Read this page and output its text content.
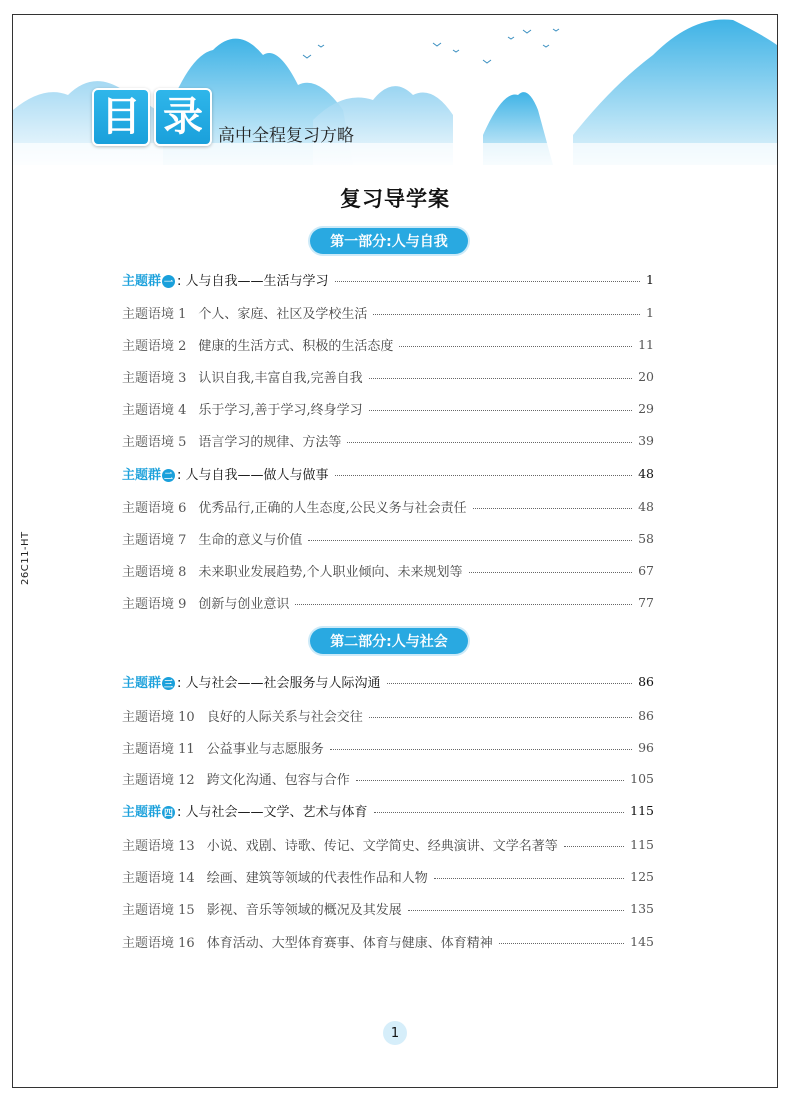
26C11-HT
目 录 高中全程复习方略
复习导学案
第一部分:人与自我
第二部分:人与社会
主题群 一 : 人与自我——生活与学习	1
主题语境 1 个人、家庭、社区及学校生活	1
主题语境 2 健康的生活方式、积极的生活态度	11
主题语境 3 认识自我,丰富自我,完善自我	20
主题语境 4 乐于学习,善于学习,终身学习	29
主题语境 5 语言学习的规律、方法等	39
主题群 二 : 人与自我——做人与做事	48
主题语境 6 优秀品行,正确的人生态度,公民义务与社会责任	48
主题语境 7 生命的意义与价值	58
主题语境 8 未来职业发展趋势,个人职业倾向、未来规划等	67
主题语境 9 创新与创业意识	77
主题群 三 : 人与社会——社会服务与人际沟通	86
主题语境 10 良好的人际关系与社会交往	86
主题语境 11 公益事业与志愿服务	96
主题语境 12 跨文化沟通、包容与合作	105
主题群 四 : 人与社会——文学、艺术与体育	115
主题语境 13 小说、戏剧、诗歌、传记、文学简史、经典演讲、文学名著等	115
主题语境 14 绘画、建筑等领域的代表性作品和人物	125
主题语境 15 影视、音乐等领域的概况及其发展	135
主题语境 16 体育活动、大型体育赛事、体育与健康、体育精神	145
1
